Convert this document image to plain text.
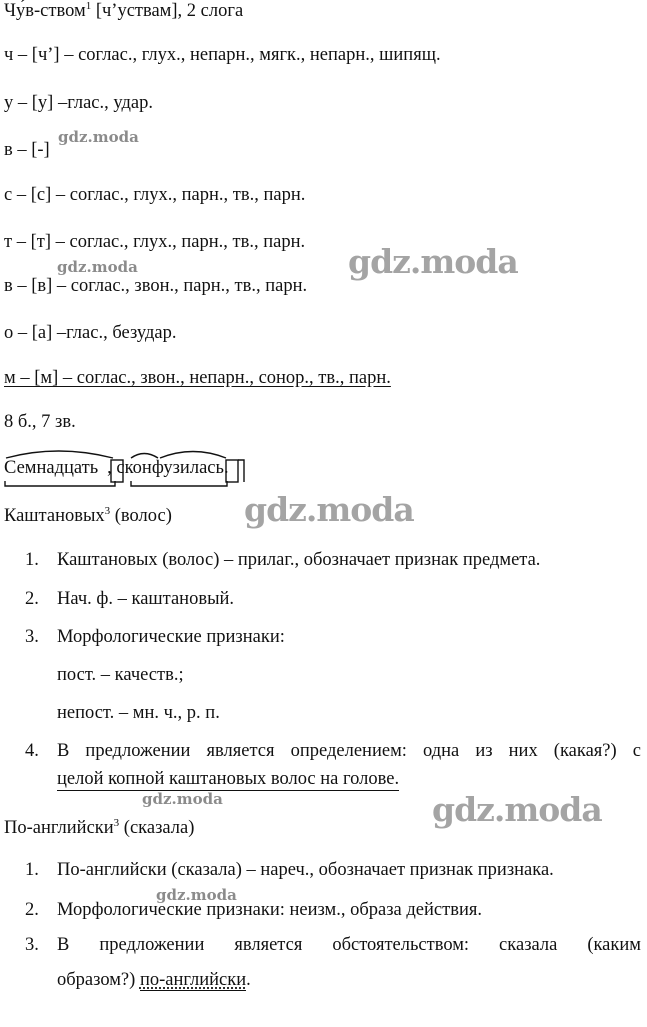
Чу́в-ством$^1$ [ч’уствам], 2 слога
ч – [ч’] – соглас., глух., непарн., мягк., непарн., шипящ.
у – [у] –глас., удар.
в – [-]
с – [с] – соглас., глух., парн., тв., парн.
т – [т] – соглас., глух., парн., тв., парн.
в – [в] – соглас., звон., парн., тв., парн.
о – [а] –глас., безудар.
м – [м] – соглас., звон., непарн., сонор., тв., парн.
8 б., 7 зв.
Семнадцать , сконфузилась.
Каштановых$^3$ (волос)
1. Каштановых (волос) – прилаг., обозначает признак предмета.
2. Нач. ф. – каштановый.
3. Морфологические признаки:
пост. – качеств.;
непост. – мн. ч., р. п.
4. В предложении является определением: одна из них (какая?) с
целой копной каштановых волос на голове.
По-английски$^3$ (сказала)
1. По-английски (сказала) – нареч., обозначает признак признака.
2. Морфологические признаки: неизм., образа действия.
3. В предложении является обстоятельством: сказала (каким
образом?) по-английски.
gdz.moda
gdz.moda	gdz.moda
gdz.moda
gdz.moda	gdz.moda
gdz.moda
